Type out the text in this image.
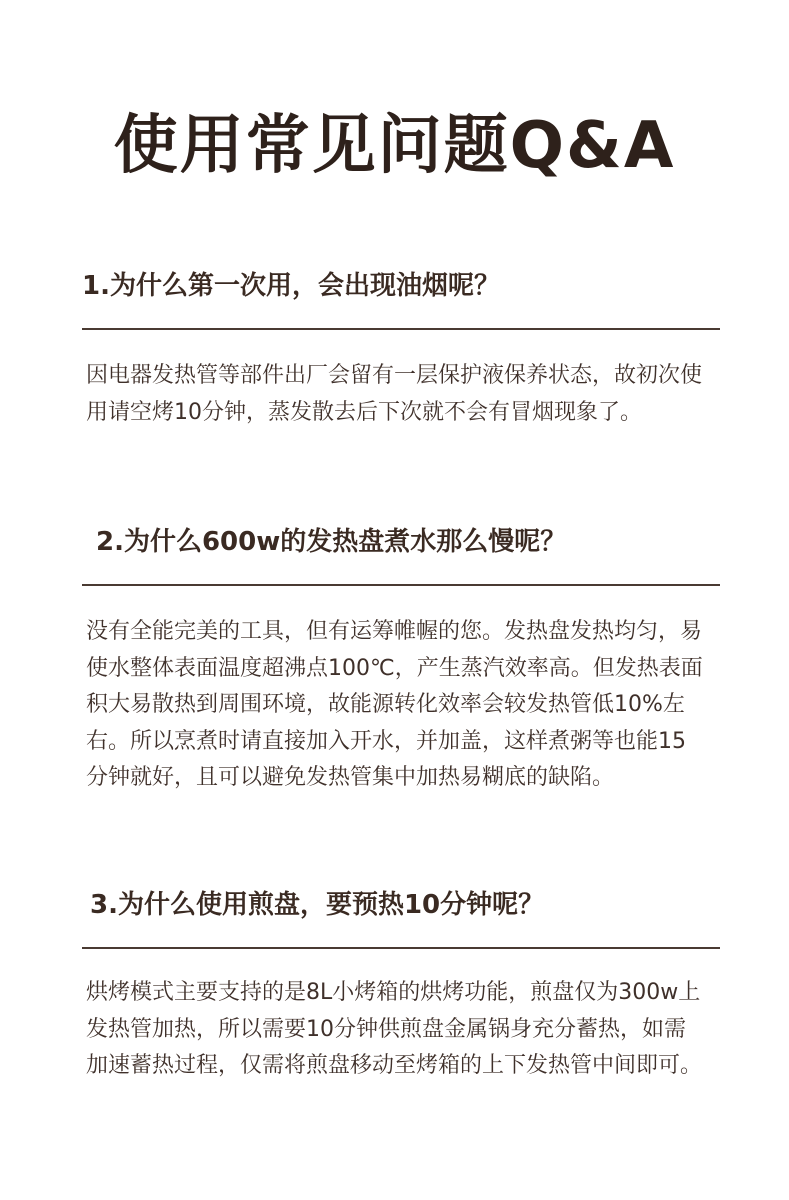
使用常见问题Q&A
1.为什么第一次用，会出现油烟呢？

因电器发热管等部件出厂会留有一层保护液保养状态，故初次使用请空烤10分钟，蒸发散去后下次就不会有冒烟现象了。

2.为什么600w的发热盘煮水那么慢呢？

没有全能完美的工具，但有运筹帷幄的您。发热盘发热均匀，易使水整体表面温度超沸点100℃，产生蒸汽效率高。但发热表面积大易散热到周围环境，故能源转化效率会较发热管低10%左右。所以烹煮时请直接加入开水，并加盖，这样煮粥等也能15分钟就好，且可以避免发热管集中加热易糊底的缺陷。

3.为什么使用煎盘，要预热10分钟呢？

烘烤模式主要支持的是8L小烤箱的烘烤功能，煎盘仅为300w上发热管加热，所以需要10分钟供煎盘金属锅身充分蓄热，如需加速蓄热过程，仅需将煎盘移动至烤箱的上下发热管中间即可。
